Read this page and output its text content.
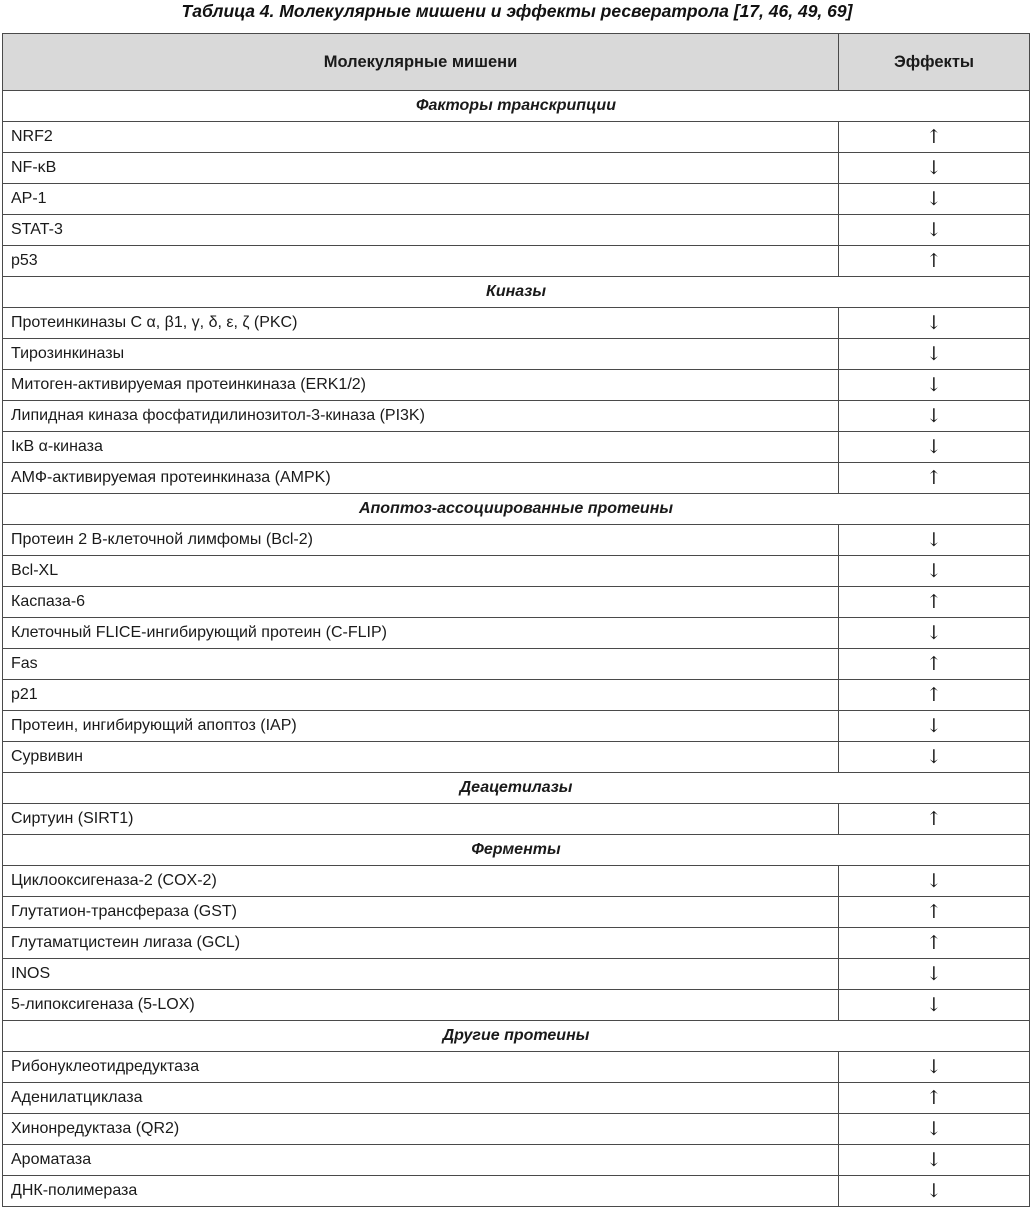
Таблица 4. Молекулярные мишени и эффекты ресвератрола [17, 46, 49, 69]
Молекулярные мишени	Эффекты
Факторы транскрипции	
NRF2	↑
NF-κB	↓
AP-1	↓
STAT-3	↓
p53	↑
Киназы	
Протеинкиназы С α, β1, γ, δ, ε, ζ (PKC)	↓
Тирозинкиназы	↓
Митоген-активируемая протеинкиназа (ERK1/2)	↓
Липидная киназа фосфатидилинозитол-3-киназа (PI3K)	↓
IκB α-киназа	↓
АМФ-активируемая протеинкиназа (AMPK)	↑
Апоптоз-ассоциированные протеины	
Протеин 2 В-клеточной лимфомы (Bcl-2)	↓
Bcl-XL	↓
Каспаза-6	↑
Клеточный FLICE-ингибирующий протеин (C-FLIP)	↓
Fas	↑
p21	↑
Протеин, ингибирующий апоптоз (IAP)	↓
Сурвивин	↓
Деацетилазы	
Сиртуин (SIRT1)	↑
Ферменты	
Циклооксигеназа-2 (COX-2)	↓
Глутатион-трансфераза (GST)	↑
Глутаматцистеин лигаза (GCL)	↑
INOS	↓
5-липоксигеназа (5-LOX)	↓
Другие протеины	
Рибонуклеотидредуктаза	↓
Аденилатциклаза	↑
Хинонредуктаза (QR2)	↓
Ароматаза	↓
ДНК-полимераза	↓
